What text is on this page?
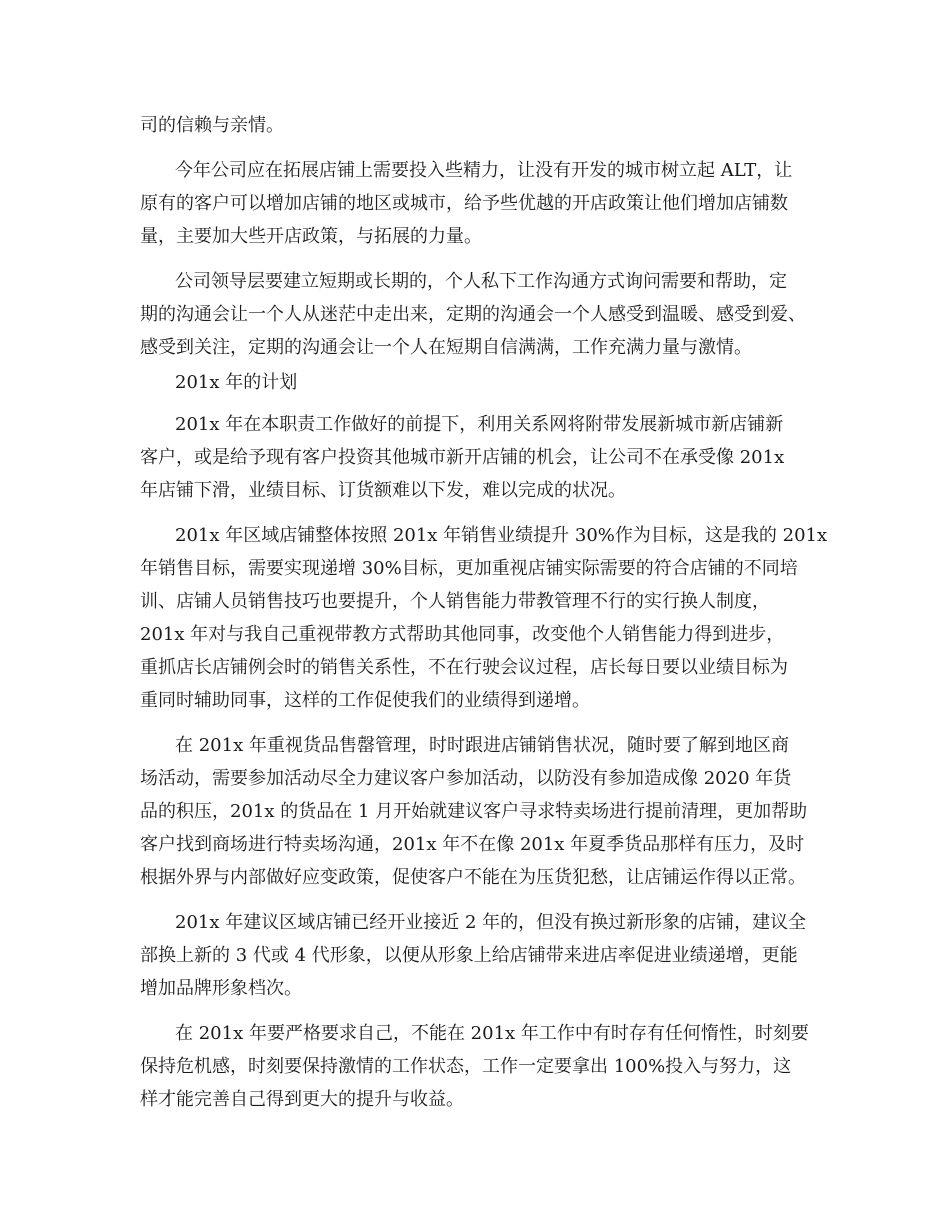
司的信赖与亲情。
今年公司应在拓展店铺上需要投入些精力，让没有开发的城市树立起 ALT，让
原有的客户可以增加店铺的地区或城市，给予些优越的开店政策让他们增加店铺数
量，主要加大些开店政策，与拓展的力量。
公司领导层要建立短期或长期的，个人私下工作沟通方式询问需要和帮助，定
期的沟通会让一个人从迷茫中走出来，定期的沟通会一个人感受到温暖、感受到爱、
感受到关注，定期的沟通会让一个人在短期自信满满，工作充满力量与激情。
201x 年的计划
201x 年在本职责工作做好的前提下，利用关系网将附带发展新城市新店铺新
客户，或是给予现有客户投资其他城市新开店铺的机会，让公司不在承受像 201x
年店铺下滑，业绩目标、订货额难以下发，难以完成的状况。
201x 年区域店铺整体按照 201x 年销售业绩提升 30%作为目标，这是我的 201x
年销售目标，需要实现递增 30%目标，更加重视店铺实际需要的符合店铺的不同培
训、店铺人员销售技巧也要提升，个人销售能力带教管理不行的实行换人制度，
201x 年对与我自己重视带教方式帮助其他同事，改变他个人销售能力得到进步，
重抓店长店铺例会时的销售关系性，不在行驶会议过程，店长每日要以业绩目标为
重同时辅助同事，这样的工作促使我们的业绩得到递增。
在 201x 年重视货品售罄管理，时时跟进店铺销售状况，随时要了解到地区商
场活动，需要参加活动尽全力建议客户参加活动，以防没有参加造成像 2020 年货
品的积压，201x 的货品在 1 月开始就建议客户寻求特卖场进行提前清理，更加帮助
客户找到商场进行特卖场沟通，201x 年不在像 201x 年夏季货品那样有压力，及时
根据外界与内部做好应变政策，促使客户不能在为压货犯愁，让店铺运作得以正常。
201x 年建议区域店铺已经开业接近 2 年的，但没有换过新形象的店铺，建议全
部换上新的 3 代或 4 代形象，以便从形象上给店铺带来进店率促进业绩递增，更能
增加品牌形象档次。
在 201x 年要严格要求自己，不能在 201x 年工作中有时存有任何惰性，时刻要
保持危机感，时刻要保持激情的工作状态，工作一定要拿出 100%投入与努力，这
样才能完善自己得到更大的提升与收益。
